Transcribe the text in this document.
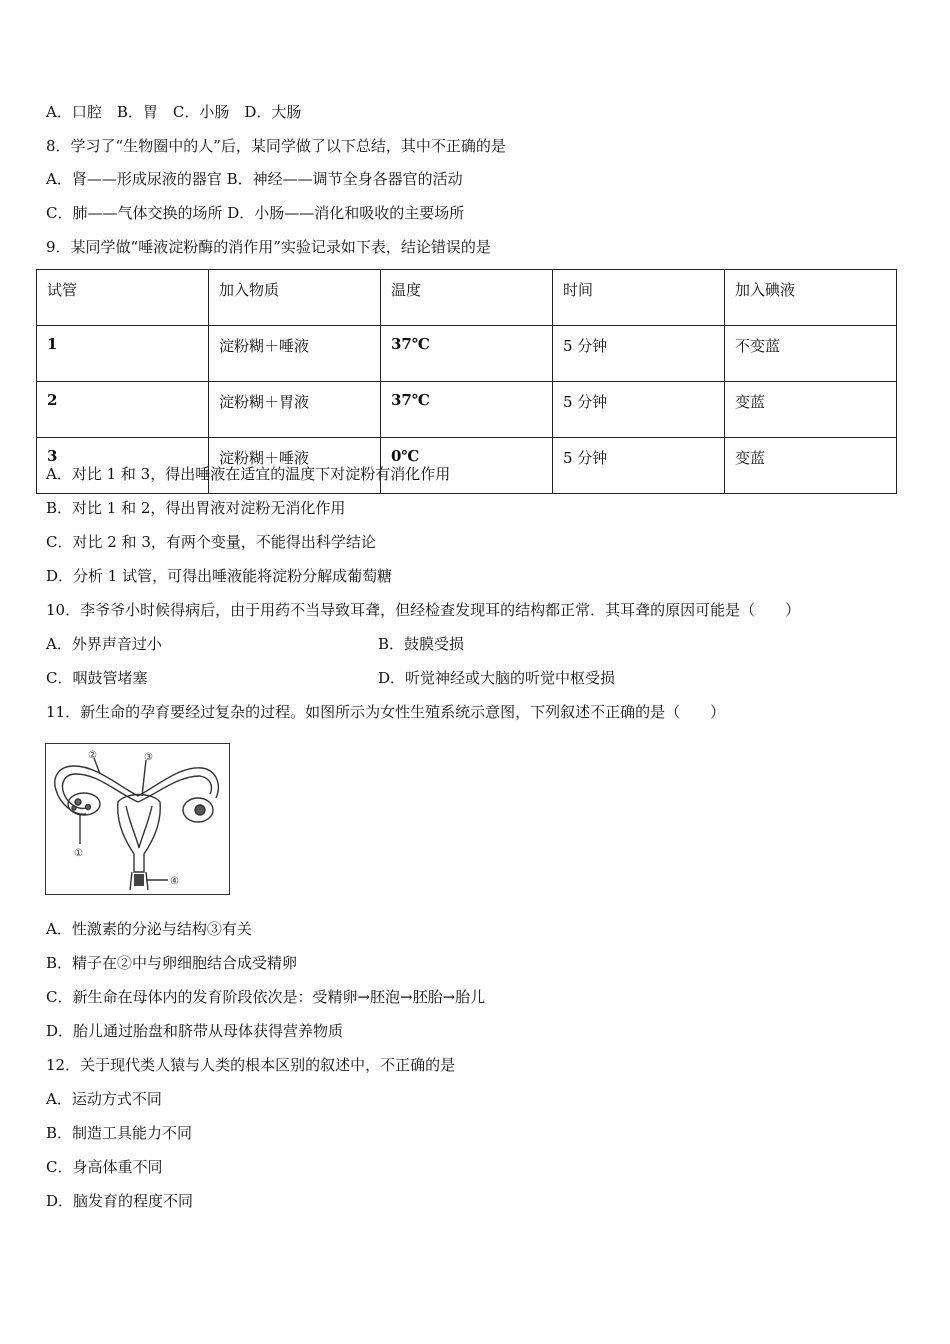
A．口腔　B．胃　C．小肠　D．大肠
8．学习了“生物圈中的人”后，某同学做了以下总结，其中不正确的是
A．肾——形成尿液的器官 B．神经——调节全身各器官的活动
C．肺——气体交换的场所 D．小肠——消化和吸收的主要场所
9．某同学做“唾液淀粉酶的消作用”实验记录如下表，结论错误的是
试管	加入物质	温度	时间	加入碘液
1	淀粉糊＋唾液	37℃	5 分钟	不变蓝
2	淀粉糊＋胃液	37℃	5 分钟	变蓝
3	淀粉糊＋唾液	0℃	5 分钟	变蓝
A．对比 1 和 3，得出唾液在适宜的温度下对淀粉有消化作用
B．对比 1 和 2，得出胃液对淀粉无消化作用
C．对比 2 和 3，有两个变量，不能得出科学结论
D．分析 1 试管，可得出唾液能将淀粉分解成葡萄糖
10．李爷爷小时候得病后，由于用药不当导致耳聋，但经检查发现耳的结构都正常．其耳聋的原因可能是（　　）
A．外界声音过小	B．鼓膜受损
C．咽鼓管堵塞	D．听觉神经或大脑的听觉中枢受损
11．新生命的孕育要经过复杂的过程。如图所示为女性生殖系统示意图，下列叙述不正确的是（　　）
②	③
①
④
A．性激素的分泌与结构③有关
B．精子在②中与卵细胞结合成受精卵
C．新生命在母体内的发育阶段依次是：受精卵→胚泡→胚胎→胎儿
D．胎儿通过胎盘和脐带从母体获得营养物质
12．关于现代类人猿与人类的根本区别的叙述中，不正确的是
A．运动方式不同
B．制造工具能力不同
C．身高体重不同
D．脑发育的程度不同
